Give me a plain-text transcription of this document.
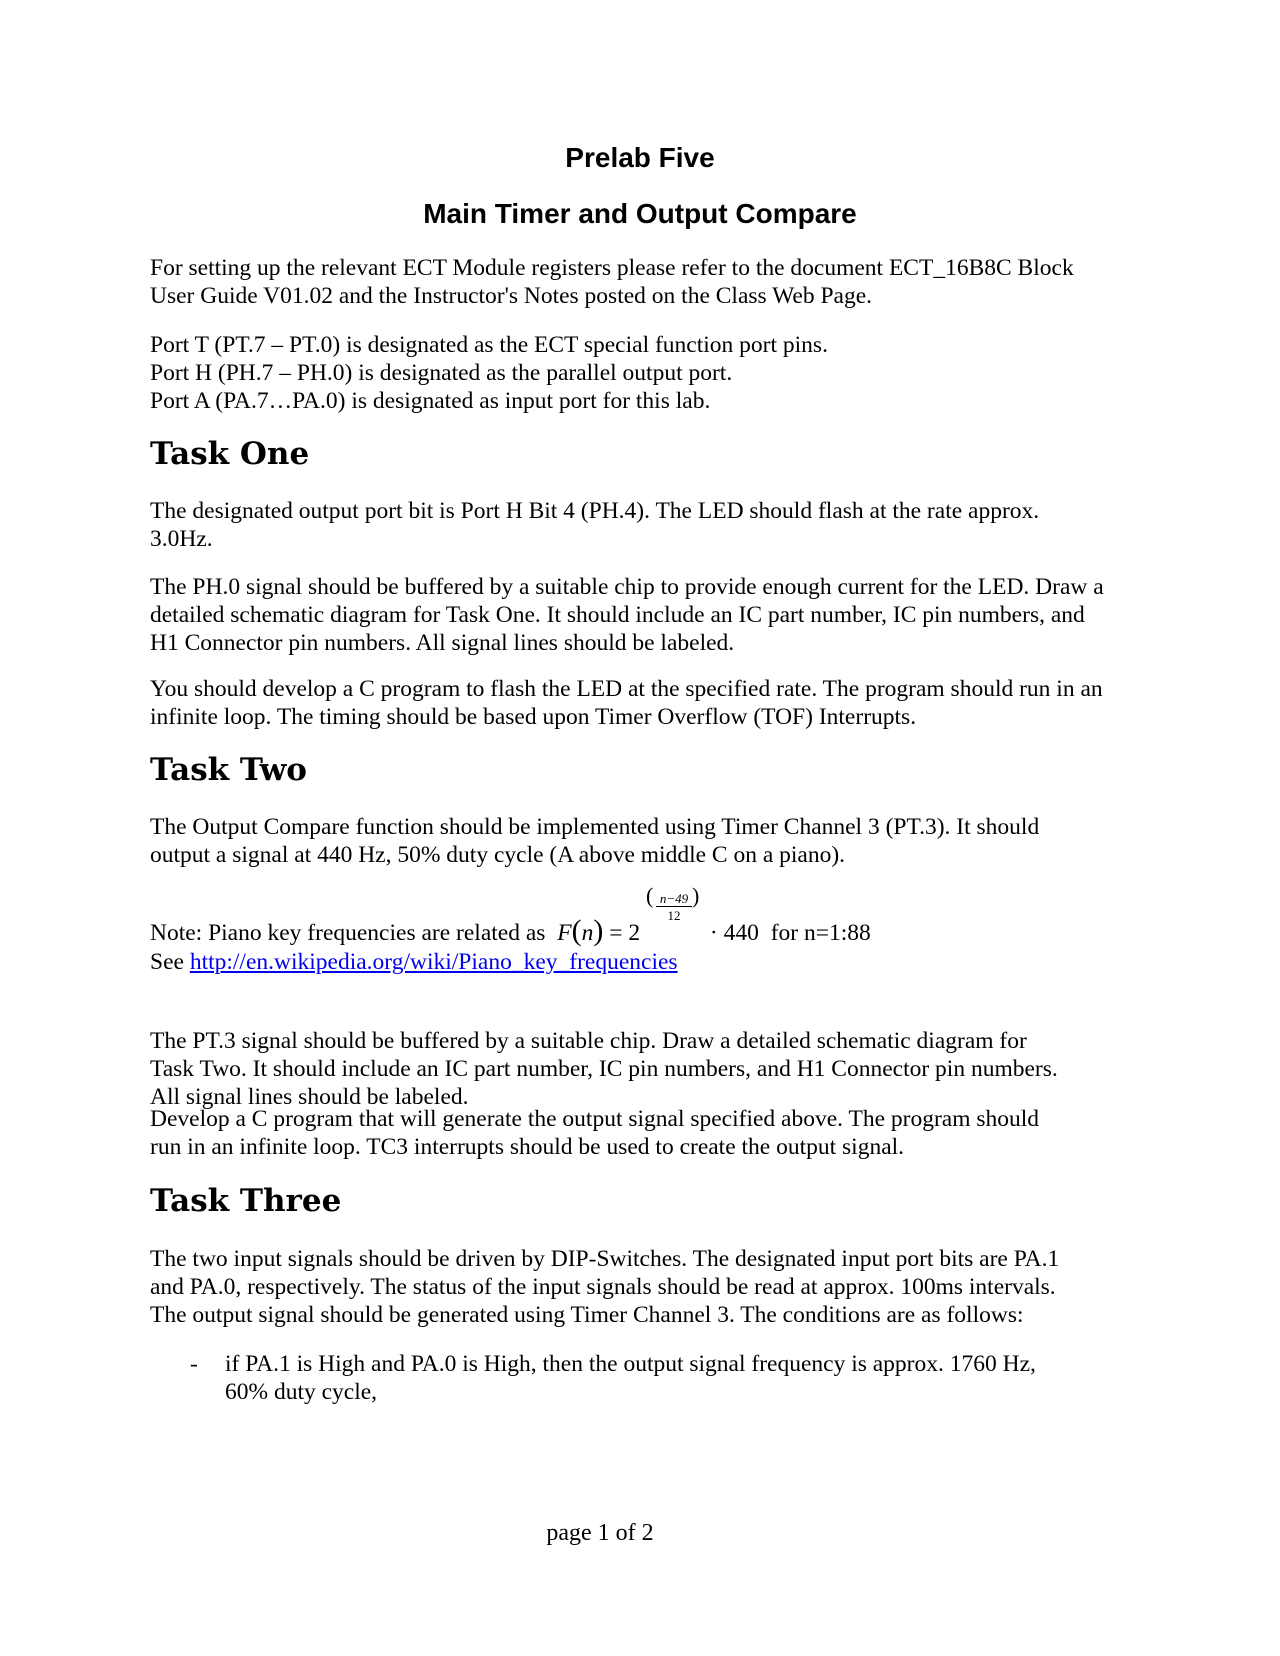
Prelab Five
Main Timer and Output Compare
For setting up the relevant ECT Module registers please refer to the document ECT_16B8C Block
User Guide V01.02 and the Instructor's Notes posted on the Class Web Page.
Port T (PT.7 – PT.0) is designated as the ECT special function port pins.
Port H (PH.7 – PH.0) is designated as the parallel output port.
Port A (PA.7…PA.0) is designated as input port for this lab.
Task One
The designated output port bit is Port H Bit 4 (PH.4). The LED should flash at the rate approx.
3.0Hz.
The PH.0 signal should be buffered by a suitable chip to provide enough current for the LED. Draw a
detailed schematic diagram for Task One. It should include an IC part number, IC pin numbers, and
H1 Connector pin numbers. All signal lines should be labeled.
You should develop a C program to flash the LED at the specified rate. The program should run in an
infinite loop. The timing should be based upon Timer Overflow (TOF) Interrupts.
Task Two
The Output Compare function should be implemented using Timer Channel 3 (PT.3). It should
output a signal at 440 Hz, 50% duty cycle (A above middle C on a piano).
Note: Piano key frequencies are related as F(n) = 2
( n−49
12
)
· 440 for n=1:88
See http://en.wikipedia.org/wiki/Piano_key_frequencies
The PT.3 signal should be buffered by a suitable chip. Draw a detailed schematic diagram for
Task Two. It should include an IC part number, IC pin numbers, and H1 Connector pin numbers.
All signal lines should be labeled.
Develop a C program that will generate the output signal specified above. The program should
run in an infinite loop. TC3 interrupts should be used to create the output signal.
Task Three
The two input signals should be driven by DIP-Switches. The designated input port bits are PA.1
and PA.0, respectively. The status of the input signals should be read at approx. 100ms intervals.
The output signal should be generated using Timer Channel 3. The conditions are as follows:
- if PA.1 is High and PA.0 is High, then the output signal frequency is approx. 1760 Hz,
60% duty cycle,
page 1 of 2
